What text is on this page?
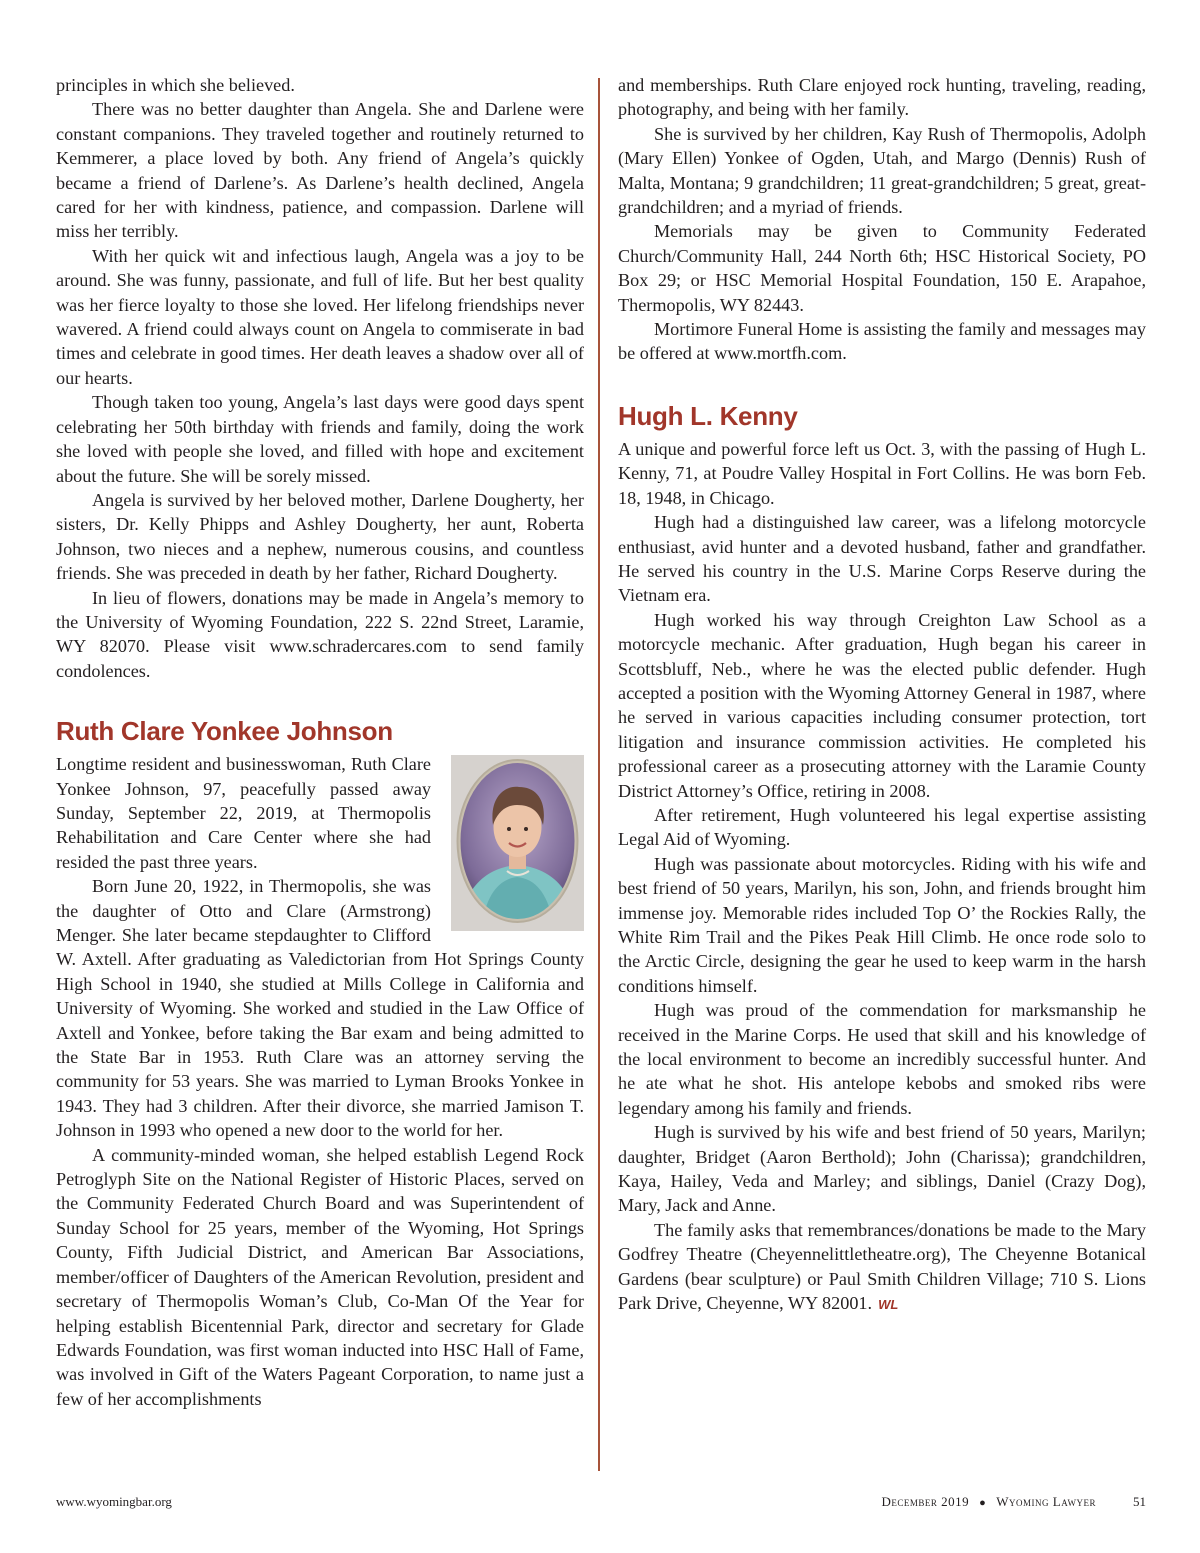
principles in which she believed.

There was no better daughter than Angela. She and Darlene were constant companions. They traveled together and routinely returned to Kemmerer, a place loved by both. Any friend of Angela’s quickly became a friend of Darlene’s. As Darlene’s health declined, Angela cared for her with kindness, patience, and compassion. Darlene will miss her terribly.

With her quick wit and infectious laugh, Angela was a joy to be around. She was funny, passionate, and full of life. But her best quality was her fierce loyalty to those she loved. Her lifelong friendships never wavered. A friend could always count on Angela to commiserate in bad times and celebrate in good times. Her death leaves a shadow over all of our hearts.

Though taken too young, Angela’s last days were good days spent celebrating her 50th birthday with friends and family, doing the work she loved with people she loved, and filled with hope and excitement about the future. She will be sorely missed.

Angela is survived by her beloved mother, Darlene Dougherty, her sisters, Dr. Kelly Phipps and Ashley Dougherty, her aunt, Roberta Johnson, two nieces and a nephew, numerous cousins, and countless friends. She was preceded in death by her father, Richard Dougherty.

In lieu of flowers, donations may be made in Angela’s memory to the University of Wyoming Foundation, 222 S. 22nd Street, Laramie, WY 82070. Please visit www.schradercares.com to send family condolences.

Ruth Clare Yonkee Johnson

Longtime resident and businesswoman, Ruth Clare Yonkee Johnson, 97, peacefully passed away Sunday, September 22, 2019, at Thermopolis Rehabilitation and Care Center where she had resided the past three years.

Born June 20, 1922, in Thermopolis, she was the daughter of Otto and Clare (Armstrong) Menger. She later became stepdaughter to Clifford W. Axtell. After graduating as Valedictorian from Hot Springs County High School in 1940, she studied at Mills College in California and University of Wyoming. She worked and studied in the Law Office of Axtell and Yonkee, before taking the Bar exam and being admitted to the State Bar in 1953. Ruth Clare was an attorney serving the community for 53 years. She was married to Lyman Brooks Yonkee in 1943. They had 3 children. After their divorce, she married Jamison T. Johnson in 1993 who opened a new door to the world for her.

A community-minded woman, she helped establish Legend Rock Petroglyph Site on the National Register of Historic Places, served on the Community Federated Church Board and was Superintendent of Sunday School for 25 years, member of the Wyoming, Hot Springs County, Fifth Judicial District, and American Bar Associations, member/officer of Daughters of the American Revolution, president and secretary of Thermopolis Woman’s Club, Co-Man Of the Year for helping establish Bicentennial Park, director and secretary for Glade Edwards Foundation, was first woman inducted into HSC Hall of Fame, was involved in Gift of the Waters Pageant Corporation, to name just a few of her accomplishments

and memberships. Ruth Clare enjoyed rock hunting, traveling, reading, photography, and being with her family.

She is survived by her children, Kay Rush of Thermopolis, Adolph (Mary Ellen) Yonkee of Ogden, Utah, and Margo (Dennis) Rush of Malta, Montana; 9 grandchildren; 11 great-grandchildren; 5 great, great-grandchildren; and a myriad of friends.

Memorials may be given to Community Federated Church/Community Hall, 244 North 6th; HSC Historical Society, PO Box 29; or HSC Memorial Hospital Foundation, 150 E. Arapahoe, Thermopolis, WY 82443.

Mortimore Funeral Home is assisting the family and messages may be offered at www.mortfh.com.

Hugh L. Kenny

A unique and powerful force left us Oct. 3, with the passing of Hugh L. Kenny, 71, at Poudre Valley Hospital in Fort Collins. He was born Feb. 18, 1948, in Chicago.

Hugh had a distinguished law career, was a lifelong motorcycle enthusiast, avid hunter and a devoted husband, father and grandfather. He served his country in the U.S. Marine Corps Reserve during the Vietnam era.

Hugh worked his way through Creighton Law School as a motorcycle mechanic. After graduation, Hugh began his career in Scottsbluff, Neb., where he was the elected public defender. Hugh accepted a position with the Wyoming Attorney General in 1987, where he served in various capacities including consumer protection, tort litigation and insurance commission activities. He completed his professional career as a prosecuting attorney with the Laramie County District Attorney’s Office, retiring in 2008.

After retirement, Hugh volunteered his legal expertise assisting Legal Aid of Wyoming.

Hugh was passionate about motorcycles. Riding with his wife and best friend of 50 years, Marilyn, his son, John, and friends brought him immense joy. Memorable rides included Top O’ the Rockies Rally, the White Rim Trail and the Pikes Peak Hill Climb. He once rode solo to the Arctic Circle, designing the gear he used to keep warm in the harsh conditions himself.

Hugh was proud of the commendation for marksmanship he received in the Marine Corps. He used that skill and his knowledge of the local environment to become an incredibly successful hunter. And he ate what he shot. His antelope kebobs and smoked ribs were legendary among his family and friends.

Hugh is survived by his wife and best friend of 50 years, Marilyn; daughter, Bridget (Aaron Berthold); John (Charissa); grandchildren, Kaya, Hailey, Veda and Marley; and siblings, Daniel (Crazy Dog), Mary, Jack and Anne.

The family asks that remembrances/donations be made to the Mary Godfrey Theatre (Cheyennelittletheatre.org), The Cheyenne Botanical Gardens (bear sculpture) or Paul Smith Children Village; 710 S. Lions Park Drive, Cheyenne, WY 82001. WL

www.wyomingbar.org	December 2019 ● Wyoming Lawyer	51
